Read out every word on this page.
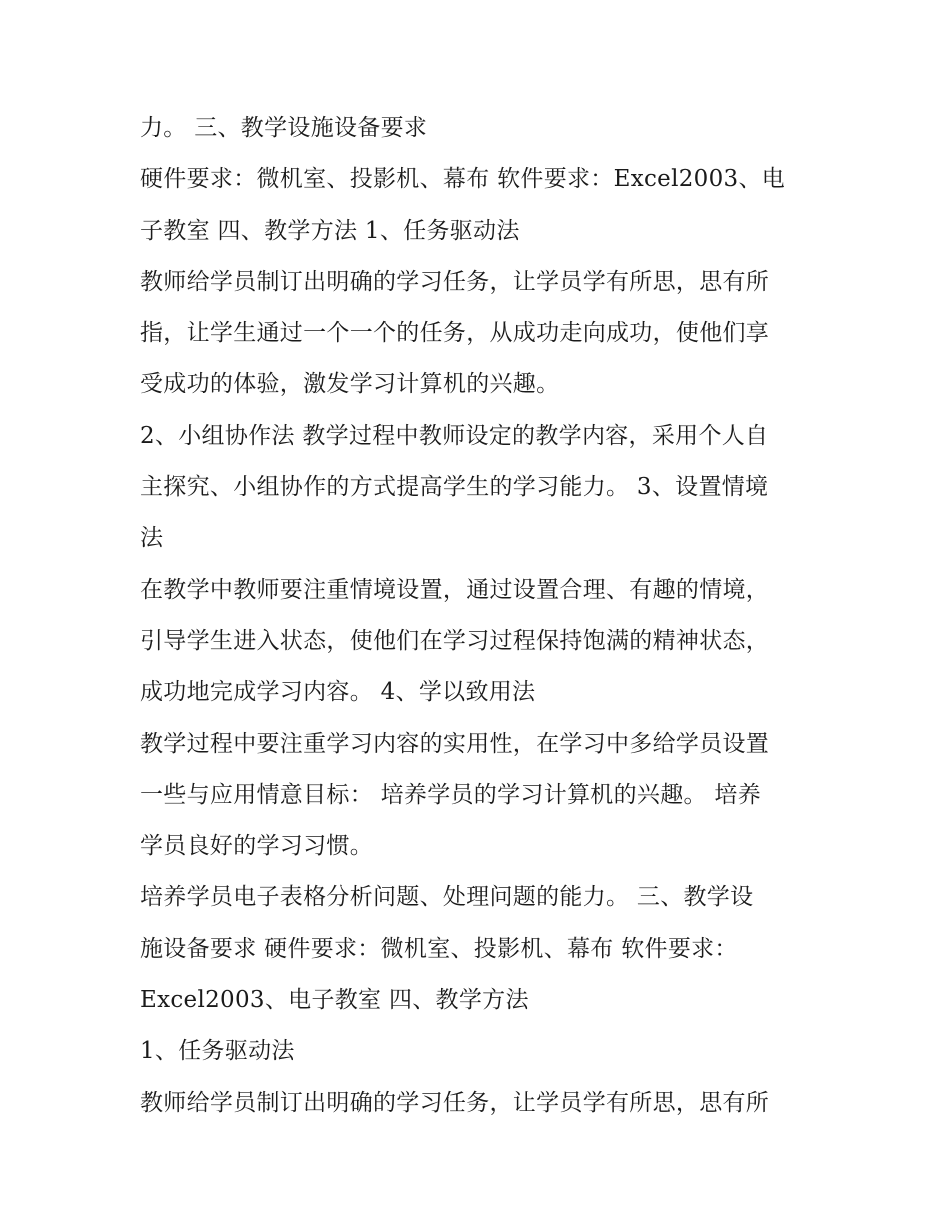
力。 三、教学设施设备要求
硬件要求：微机室、投影机、幕布 软件要求：Excel2003、电
子教室 四、教学方法 1、任务驱动法
教师给学员制订出明确的学习任务，让学员学有所思，思有所
指，让学生通过一个一个的任务，从成功走向成功，使他们享
受成功的体验，激发学习计算机的兴趣。
2、小组协作法 教学过程中教师设定的教学内容，采用个人自
主探究、小组协作的方式提高学生的学习能力。 3、设置情境
法
在教学中教师要注重情境设置，通过设置合理、有趣的情境，
引导学生进入状态，使他们在学习过程保持饱满的精神状态，
成功地完成学习内容。 4、学以致用法
教学过程中要注重学习内容的实用性，在学习中多给学员设置
一些与应用情意目标： 培养学员的学习计算机的兴趣。 培养
学员良好的学习习惯。
培养学员电子表格分析问题、处理问题的能力。 三、教学设
施设备要求 硬件要求：微机室、投影机、幕布 软件要求：
Excel2003、电子教室 四、教学方法
1、任务驱动法
教师给学员制订出明确的学习任务，让学员学有所思，思有所
